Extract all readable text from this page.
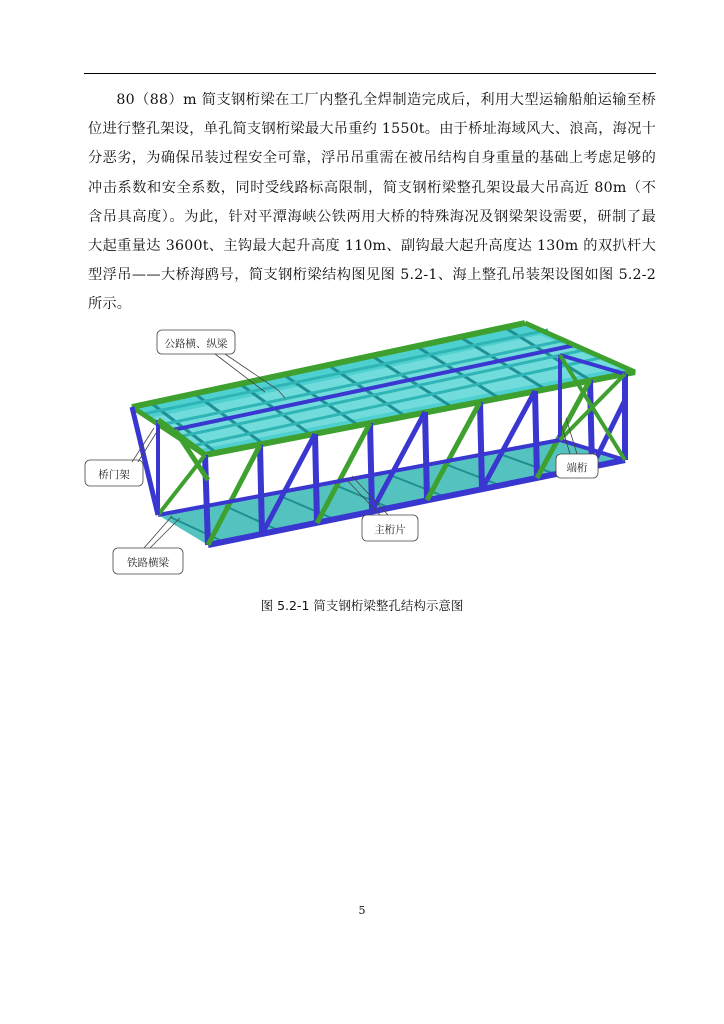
80（88）m 简支钢桁梁在工厂内整孔全焊制造完成后，利用大型运输船舶运输至桥位进行整孔架设，单孔简支钢桁梁最大吊重约 1550t。由于桥址海域风大、浪高，海况十分恶劣，为确保吊装过程安全可靠，浮吊吊重需在被吊结构自身重量的基础上考虑足够的冲击系数和安全系数，同时受线路标高限制，简支钢桁梁整孔架设最大吊高近 80m（不含吊具高度）。为此，针对平潭海峡公铁两用大桥的特殊海况及钢梁架设需要，研制了最大起重量达 3600t、主钩最大起升高度 110m、副钩最大起升高度达 130m 的双扒杆大型浮吊——大桥海鸥号，简支钢桁梁结构图见图 5.2-1、海上整孔吊装架设图如图 5.2-2 所示。

公路横、纵梁
桥门架
铁路横梁
主桁片
端桁
图 5.2-1 简支钢桁梁整孔结构示意图
5
